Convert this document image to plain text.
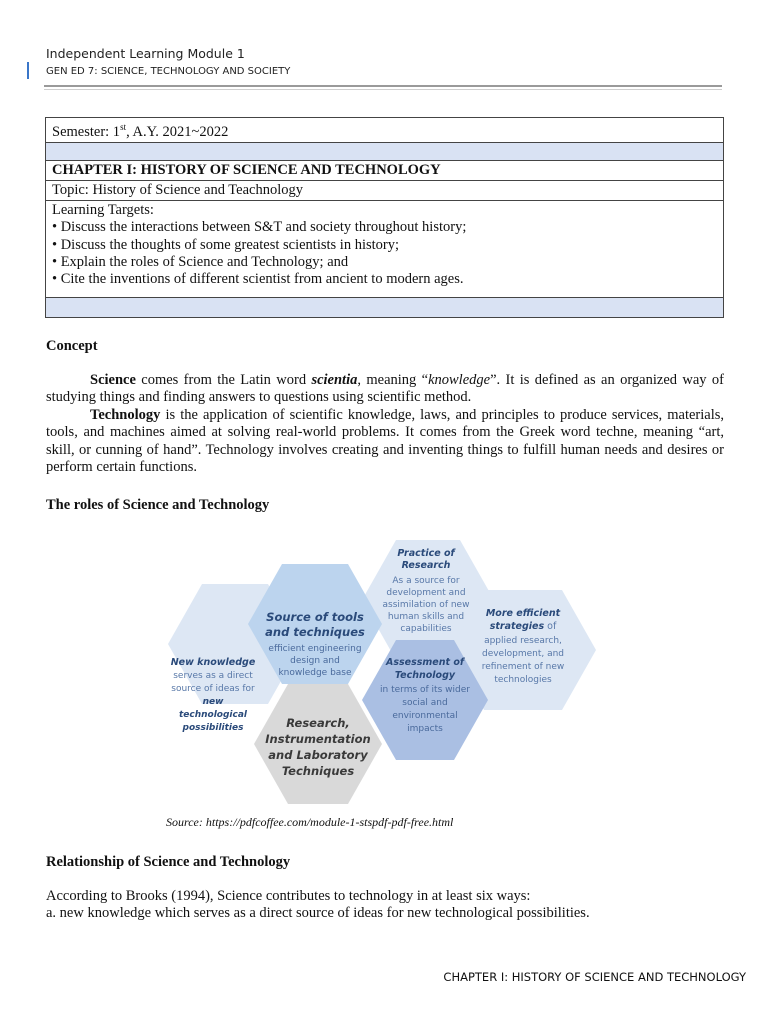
Independent Learning Module 1
GEN ED 7: SCIENCE, TECHNOLOGY AND SOCIETY
Semester: 1st, A.Y. 2021~2022

CHAPTER I: HISTORY OF SCIENCE AND TECHNOLOGY
Topic: History of Science and Teachnology

Learning Targets:
• Discuss the interactions between S&T and society throughout history;
• Discuss the thoughts of some greatest scientists in history;
• Explain the roles of Science and Technology; and
• Cite the inventions of different scientist from ancient to modern ages.

Concept
Science comes from the Latin word scientia, meaning “knowledge”. It is defined as an organized way of studying things and finding answers to questions using scientific method.
Technology is the application of scientific knowledge, laws, and principles to produce services, materials, tools, and machines aimed at solving real-world problems. It comes from the Greek word techne, meaning “art, skill, or cunning of hand”. Technology involves creating and inventing things to fulfill human needs and desires or perform certain functions.
The roles of Science and Technology
Practice of
Research
As a source for
development and
assimilation of new
human skills and
capabilities
Source of tools
and techniques
efficient engineering
design and
knowledge base
More efficient
strategies of
applied research,
development, and
refinement of new
technologies
New knowledge
serves as a direct
source of ideas for
new
technological
possibilities
Assessment of
Technology
in terms of its wider
social and
environmental
impacts
Research,
Instrumentation
and Laboratory
Techniques
Source: https://pdfcoffee.com/module-1-stspdf-pdf-free.html
Relationship of Science and Technology
According to Brooks (1994), Science contributes to technology in at least six ways:
a. new knowledge which serves as a direct source of ideas for new technological possibilities.
CHAPTER I: HISTORY OF SCIENCE AND TECHNOLOGY
